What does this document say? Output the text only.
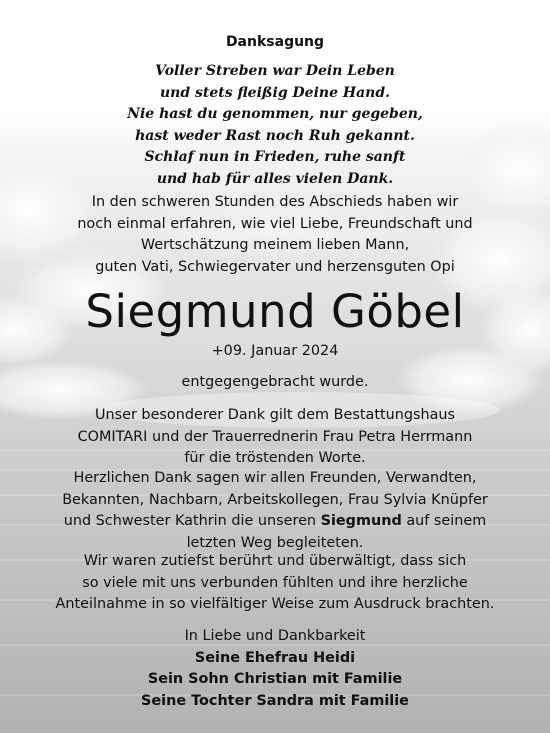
Danksagung
Voller Streben war Dein Leben
und stets fleißig Deine Hand.
Nie hast du genommen, nur gegeben,
hast weder Rast noch Ruh gekannt.
Schlaf nun in Frieden, ruhe sanft
und hab für alles vielen Dank.
In den schweren Stunden des Abschieds haben wir
noch einmal erfahren, wie viel Liebe, Freundschaft und
Wertschätzung meinem lieben Mann,
guten Vati, Schwiegervater und herzensguten Opi
Siegmund Göbel
+09. Januar 2024
entgegengebracht wurde.
Unser besonderer Dank gilt dem Bestattungshaus
COMITARI und der Trauerrednerin Frau Petra Herrmann
für die tröstenden Worte.
Herzlichen Dank sagen wir allen Freunden, Verwandten,
Bekannten, Nachbarn, Arbeitskollegen, Frau Sylvia Knüpfer
und Schwester Kathrin die unseren Siegmund auf seinem
letzten Weg begleiteten.
Wir waren zutiefst berührt und überwältigt, dass sich
so viele mit uns verbunden fühlten und ihre herzliche
Anteilnahme in so vielfältiger Weise zum Ausdruck brachten.
In Liebe und Dankbarkeit
Seine Ehefrau Heidi
Sein Sohn Christian mit Familie
Seine Tochter Sandra mit Familie
